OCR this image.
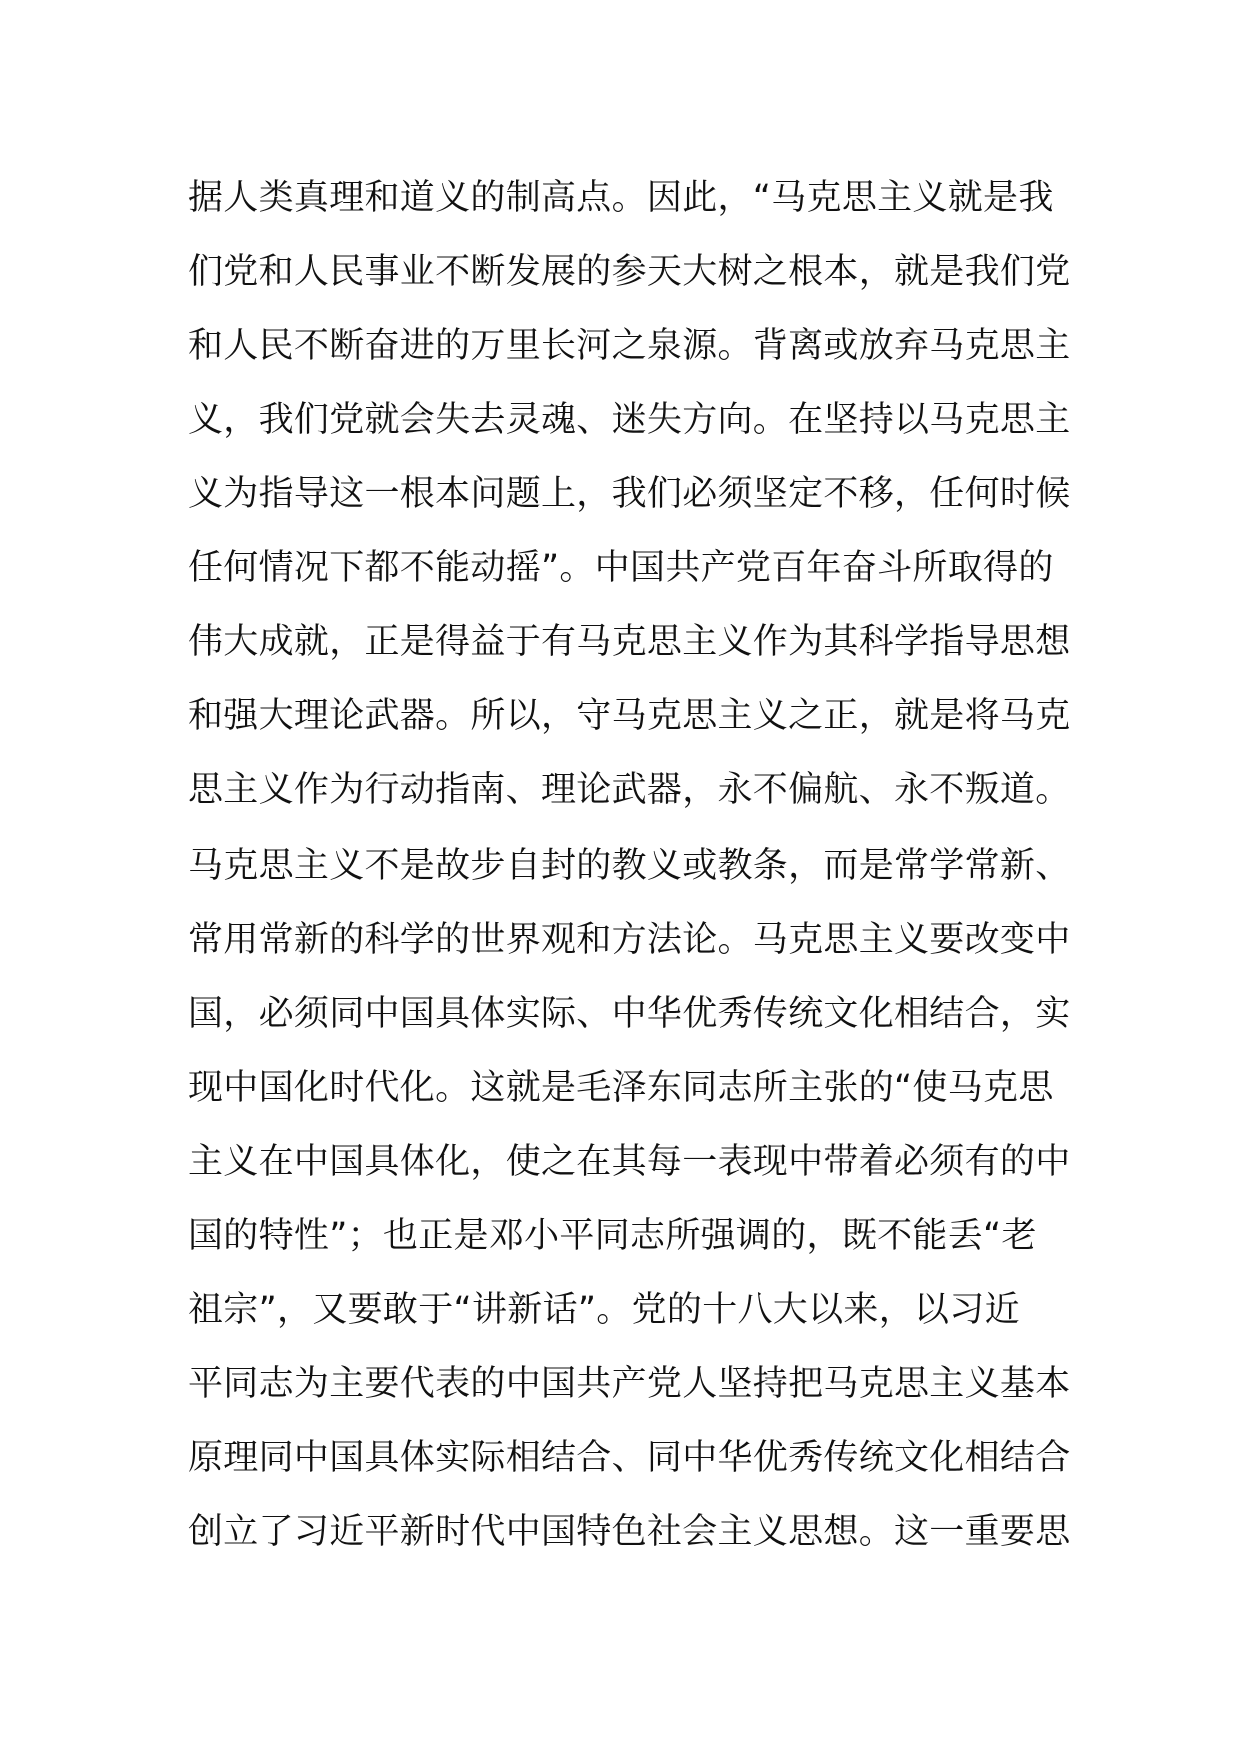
据人类真理和道义的制高点。因此，“马克思主义就是我
们党和人民事业不断发展的参天大树之根本，就是我们党
和人民不断奋进的万里长河之泉源。背离或放弃马克思主
义，我们党就会失去灵魂、迷失方向。在坚持以马克思主
义为指导这一根本问题上，我们必须坚定不移，任何时候
任何情况下都不能动摇”。中国共产党百年奋斗所取得的
伟大成就，正是得益于有马克思主义作为其科学指导思想
和强大理论武器。所以，守马克思主义之正，就是将马克
思主义作为行动指南、理论武器，永不偏航、永不叛道。
马克思主义不是故步自封的教义或教条，而是常学常新、
常用常新的科学的世界观和方法论。马克思主义要改变中
国，必须同中国具体实际、中华优秀传统文化相结合，实
现中国化时代化。这就是毛泽东同志所主张的“使马克思
主义在中国具体化，使之在其每一表现中带着必须有的中
国的特性”；也正是邓小平同志所强调的，既不能丢“老
祖宗”，又要敢于“讲新话”。党的十八大以来，以习近
平同志为主要代表的中国共产党人坚持把马克思主义基本
原理同中国具体实际相结合、同中华优秀传统文化相结合
创立了习近平新时代中国特色社会主义思想。这一重要思
